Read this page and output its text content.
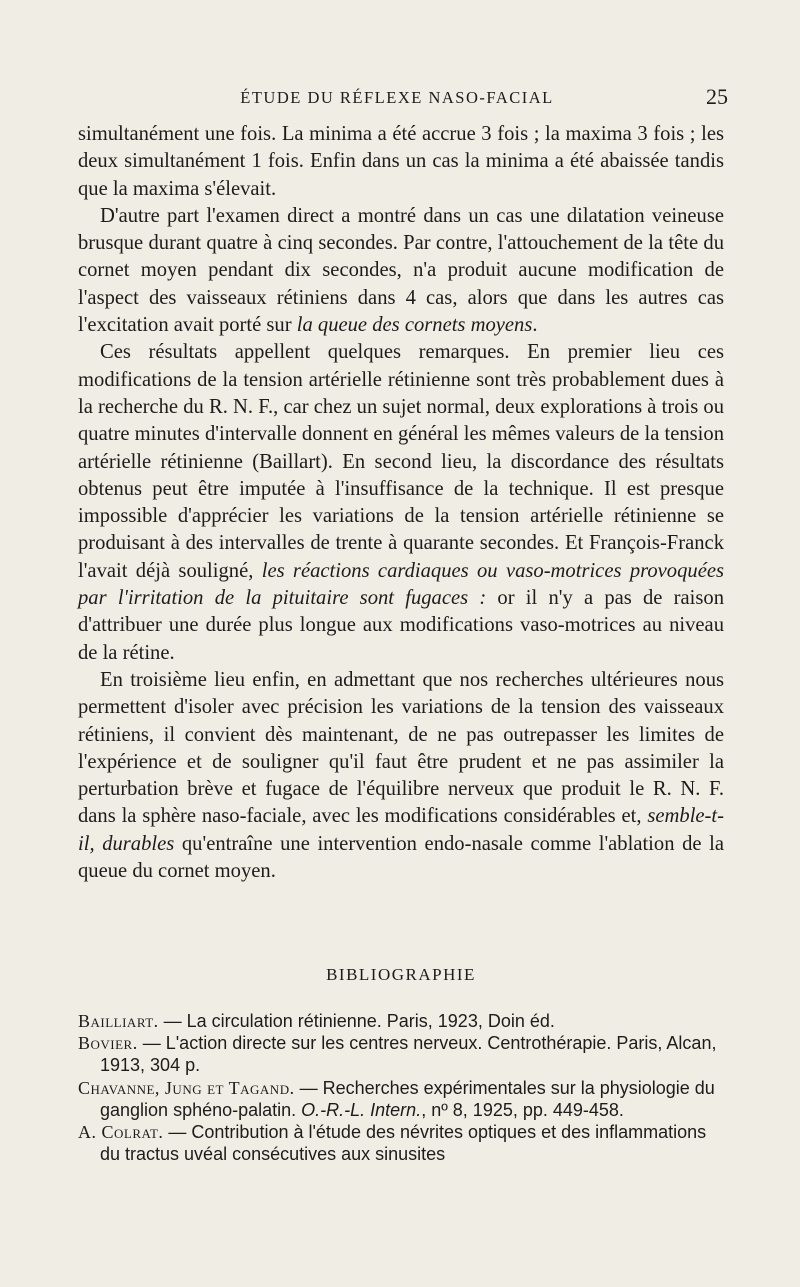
ÉTUDE DU RÉFLEXE NASO-FACIAL	25

simultanément une fois. La minima a été accrue 3 fois ; la maxima 3 fois ; les deux simultanément 1 fois. Enfin dans un cas la minima a été abaissée tandis que la maxima s'élevait.

D'autre part l'examen direct a montré dans un cas une dilatation veineuse brusque durant quatre à cinq secondes. Par contre, l'attouchement de la tête du cornet moyen pendant dix secondes, n'a produit aucune modification de l'aspect des vaisseaux rétiniens dans 4 cas, alors que dans les autres cas l'excitation avait porté sur la queue des cornets moyens.

Ces résultats appellent quelques remarques. En premier lieu ces modifications de la tension artérielle rétinienne sont très probablement dues à la recherche du R. N. F., car chez un sujet normal, deux explorations à trois ou quatre minutes d'intervalle donnent en général les mêmes valeurs de la tension artérielle rétinienne (Baillart). En second lieu, la discordance des résultats obtenus peut être imputée à l'insuffisance de la technique. Il est presque impossible d'apprécier les variations de la tension artérielle rétinienne se produisant à des intervalles de trente à quarante secondes. Et François-Franck l'avait déjà souligné, les réactions cardiaques ou vaso-motrices provoquées par l'irritation de la pituitaire sont fugaces : or il n'y a pas de raison d'attribuer une durée plus longue aux modifications vaso-motrices au niveau de la rétine.

En troisième lieu enfin, en admettant que nos recherches ultérieures nous permettent d'isoler avec précision les variations de la tension des vaisseaux rétiniens, il convient dès maintenant, de ne pas outrepasser les limites de l'expérience et de souligner qu'il faut être prudent et ne pas assimiler la perturbation brève et fugace de l'équilibre nerveux que produit le R. N. F. dans la sphère naso-faciale, avec les modifications considérables et, semble-t-il, durables qu'entraîne une intervention endo-nasale comme l'ablation de la queue du cornet moyen.

BIBLIOGRAPHIE

Bailliart. — La circulation rétinienne. Paris, 1923, Doin éd.

Bovier. — L'action directe sur les centres nerveux. Centrothérapie. Paris, Alcan, 1913, 304 p.

Chavanne, Jung et Tagand. — Recherches expérimentales sur la physiologie du ganglion sphéno-palatin. O.-R.-L. Intern., nº 8, 1925, pp. 449-458.

A. Colrat. — Contribution à l'étude des névrites optiques et des inflammations du tractus uvéal consécutives aux sinusites
